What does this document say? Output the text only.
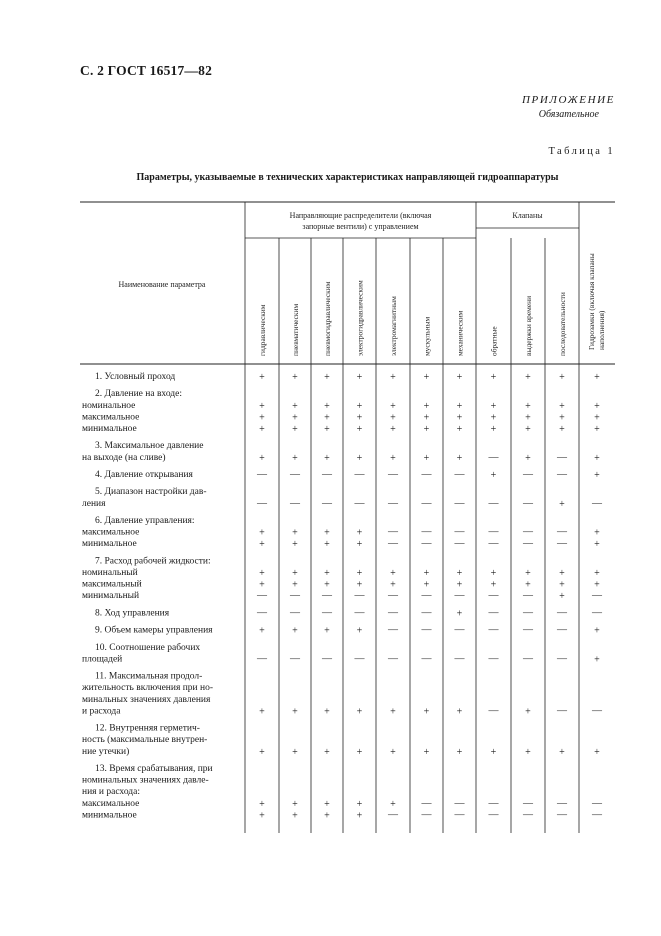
С. 2 ГОСТ 16517—82
ПРИЛОЖЕНИЕ
Обязательное
Таблица 1
Параметры, указываемые в технических характеристиках направляющей гидроаппаратуры
Наименование параметра
Направляющие распределители (включая
запорные вентили) с управлением
Клапаны
гидравлическим	пневматическим	пневмогидравлическим	электрогидравлическим	электромагнитным	мускульным	механическим	обратные	выдержки времени	последовательности	Гидрозамки (включая клапаны наполнения)
1. Условный проход	+	+	+	+	+	+	+	+	+	+	+
2. Давление на входе:
номинальное	+	+	+	+	+	+	+	+	+	+	+
максимальное	+	+	+	+	+	+	+	+	+	+	+
минимальное	+	+	+	+	+	+	+	+	+	+	+
3. Максимальное давление
на выходе (на сливе)	+	+	+	+	+	+	+	—	+	—	+
4. Давление открывания	— — — — — — —	+	— —	+
5. Диапазон настройки дав-
ления	— — — — — — — — —	+	—
6. Давление управления:
максимальное	+	+	+	+	— — — — — —	+
минимальное	+	+	+	+	— — — — — —	+
7. Расход рабочей жидкости:
номинальный	+	+	+	+	+	+	+	+	+	+	+
максимальный	+	+	+	+	+	+	+	+	+	+	+
минимальный	— — — — — — — — —	+	—
8. Ход управления	— — — — — —	+	— — —	—
9. Объем камеры управления	+	+	+	+	— — — — — —	+
10. Соотношение рабочих
площадей	— — — — — — — — — —	+
11. Максимальная продол-
жительность включения при но-
минальных значениях давления
и расхода	+	+	+	+	+	+	+	—	+	—	—
12. Внутренняя герметич-
ность (максимальные внутрен-
ние утечки)	+	+	+	+	+	+	+	+	+	+	+
13. Время срабатывания, при
номинальных значениях давле-
ния и расхода:
максимальное	+	+	+	+	+	— — — — —	—
минимальное	+	+	+	+	— — — — — —	—
